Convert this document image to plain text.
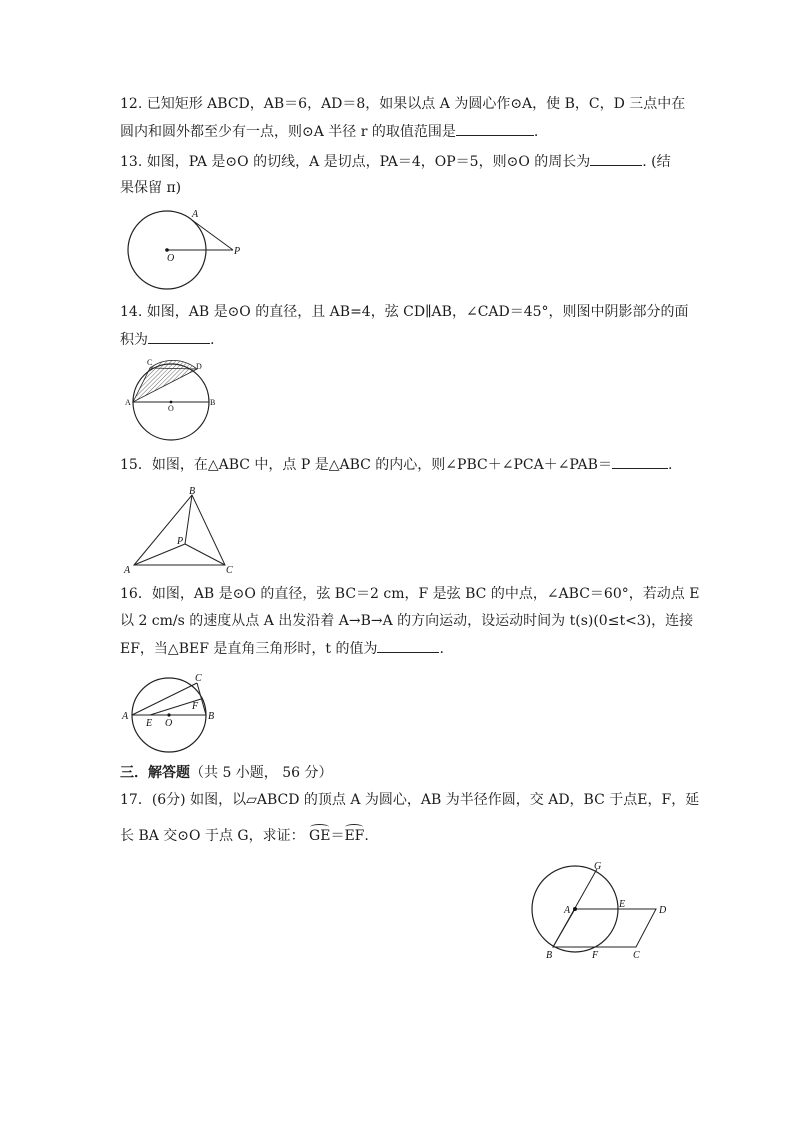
12. 已知矩形 ABCD，AB＝6，AD＝8，如果以点 A 为圆心作⊙A，使 B，C，D 三点中在
圆内和圆外都至少有一点，则⊙A 半径 r 的取值范围是	.
13. 如图，PA 是⊙O 的切线，A 是切点，PA＝4，OP＝5，则⊙O 的周长为	. (结
果保留 π)
O
A
P
14. 如图，AB 是⊙O 的直径，且 AB=4，弦 CD∥AB，∠CAD＝45°，则图中阴影部分的面
积为	.
A	B
C	D
O
15．如图，在△ABC 中，点 P 是△ABC 的内心，则∠PBC＋∠PCA＋∠PAB＝	.
A
B
C
P
16．如图，AB 是⊙O 的直径，弦 BC＝2 cm，F 是弦 BC 的中点，∠ABC＝60°，若动点 E
以 2 cm/s 的速度从点 A 出发沿着 A→B→A 的方向运动，设运动时间为 t(s)(0≤t<3)，连接
EF，当△BEF 是直角三角形时，t 的值为	.
A	B
C
E
F
O
三．解答题（共 5 小题， 56 分）
17．(6分) 如图，以▱ABCD 的顶点 A 为圆心，AB 为半径作圆，交 AD，BC 于点E，F，延
长 BA 交⊙O 于点 G，求证： GE＝
EF.
A
B	C
D
E
F
G
